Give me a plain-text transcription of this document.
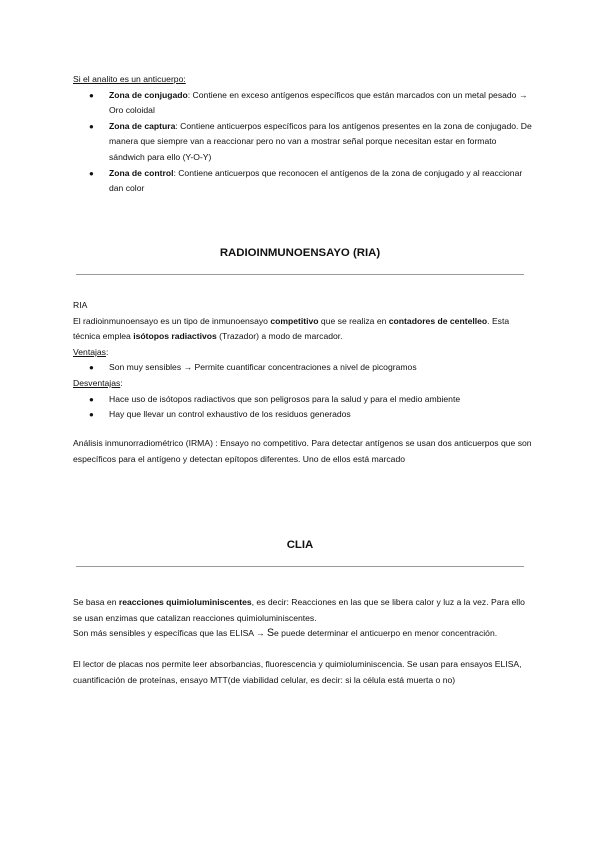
Si el analito es un anticuerpo:
● Zona de conjugado: Contiene en exceso antígenos específicos que están marcados con un metal pesado → Oro coloidal
● Zona de captura: Contiene anticuerpos específicos para los antígenos presentes en la zona de conjugado. De manera que siempre van a reaccionar pero no van a mostrar señal porque necesitan estar en formato sándwich para ello (Y-O-Y)
● Zona de control: Contiene anticuerpos que reconocen el antígenos de la zona de conjugado y al reaccionar dan color
RADIOINMUNOENSAYO (RIA)
RIA
El radioinmunoensayo es un tipo de inmunoensayo competitivo que se realiza en contadores de centelleo. Esta técnica emplea isótopos radiactivos (Trazador) a modo de marcador.
Ventajas:
● Son muy sensibles → Permite cuantificar concentraciones a nivel de picogramos
Desventajas:
● Hace uso de isótopos radiactivos que son peligrosos para la salud y para el medio ambiente
● Hay que llevar un control exhaustivo de los residuos generados
Análisis inmunorradiométrico (IRMA) : Ensayo no competitivo. Para detectar antígenos se usan dos anticuerpos que son específicos para el antígeno y detectan epítopos diferentes. Uno de ellos está marcado
CLIA
Se basa en reacciones quimioluminiscentes, es decir: Reacciones en las que se libera calor y luz a la vez. Para ello se usan enzimas que catalizan reacciones quimioluminiscentes.
Son más sensibles y específicas que las ELISA → Se puede determinar el anticuerpo en menor concentración.
El lector de placas nos permite leer absorbancias, fluorescencia y quimioluminiscencia. Se usan para ensayos ELISA, cuantificación de proteínas, ensayo MTT(de viabilidad celular, es decir: si la célula está muerta o no)
